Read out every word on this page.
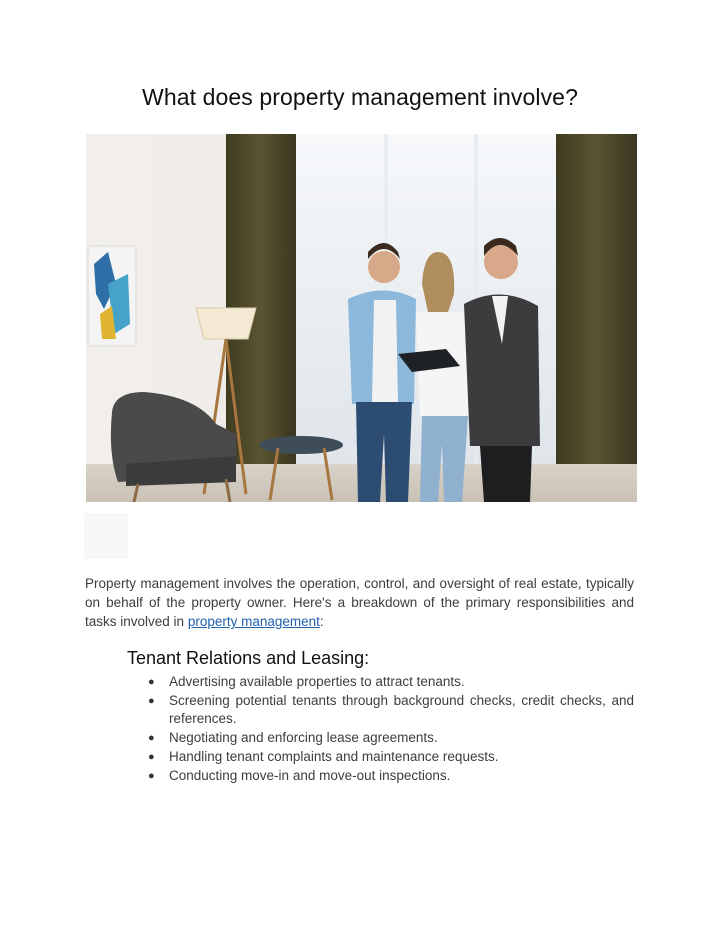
What does property management involve?

Property management involves the operation, control, and oversight of real estate, typically on behalf of the property owner. Here's a breakdown of the primary responsibilities and tasks involved in property management:

Tenant Relations and Leasing:
● Advertising available properties to attract tenants.
● Screening potential tenants through background checks, credit checks, and references.
● Negotiating and enforcing lease agreements.
● Handling tenant complaints and maintenance requests.
● Conducting move-in and move-out inspections.
